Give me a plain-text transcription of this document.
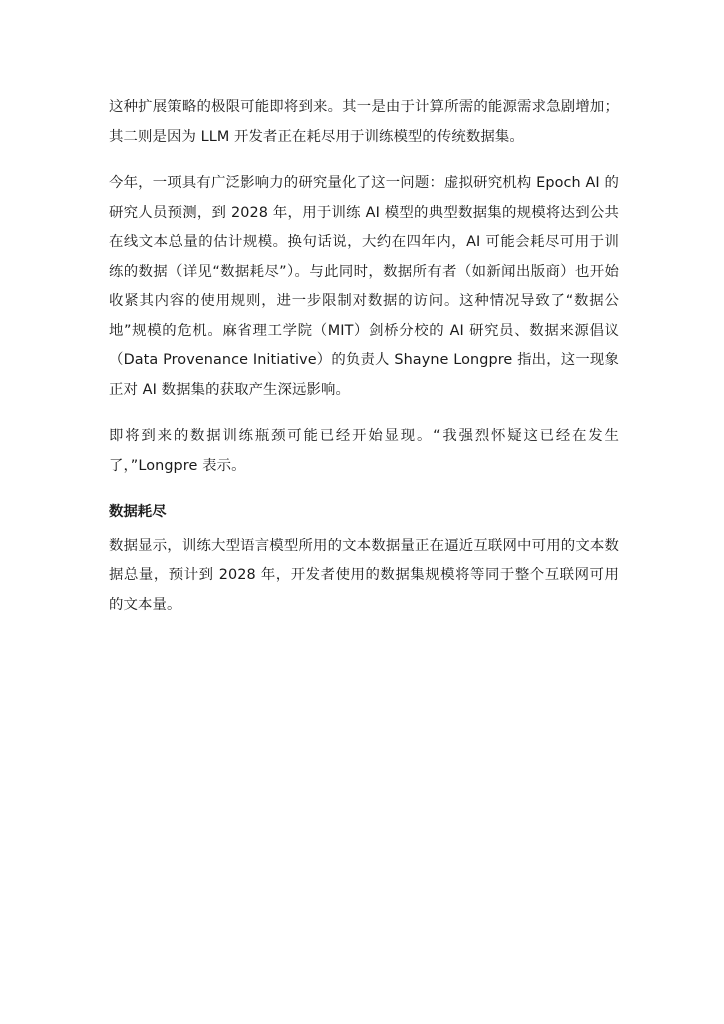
这种扩展策略的极限可能即将到来。其一是由于计算所需的能源需求急剧增加；其二则是因为 LLM 开发者正在耗尽用于训练模型的传统数据集。

今年，一项具有广泛影响力的研究量化了这一问题：虚拟研究机构 Epoch AI 的研究人员预测，到 2028 年，用于训练 AI 模型的典型数据集的规模将达到公共在线文本总量的估计规模。换句话说，大约在四年内，AI 可能会耗尽可用于训练的数据（详见“数据耗尽”）。与此同时，数据所有者（如新闻出版商）也开始收紧其内容的使用规则，进一步限制对数据的访问。这种情况导致了“数据公地”规模的危机。麻省理工学院（MIT）剑桥分校的 AI 研究员、数据来源倡议（Data Provenance Initiative）的负责人 Shayne Longpre 指出，这一现象正对 AI 数据集的获取产生深远影响。

即将到来的数据训练瓶颈可能已经开始显现。“我强烈怀疑这已经在发生了，”Longpre 表示。

数据耗尽

数据显示，训练大型语言模型所用的文本数据量正在逼近互联网中可用的文本数据总量，预计到 2028 年，开发者使用的数据集规模将等同于整个互联网可用的文本量。
